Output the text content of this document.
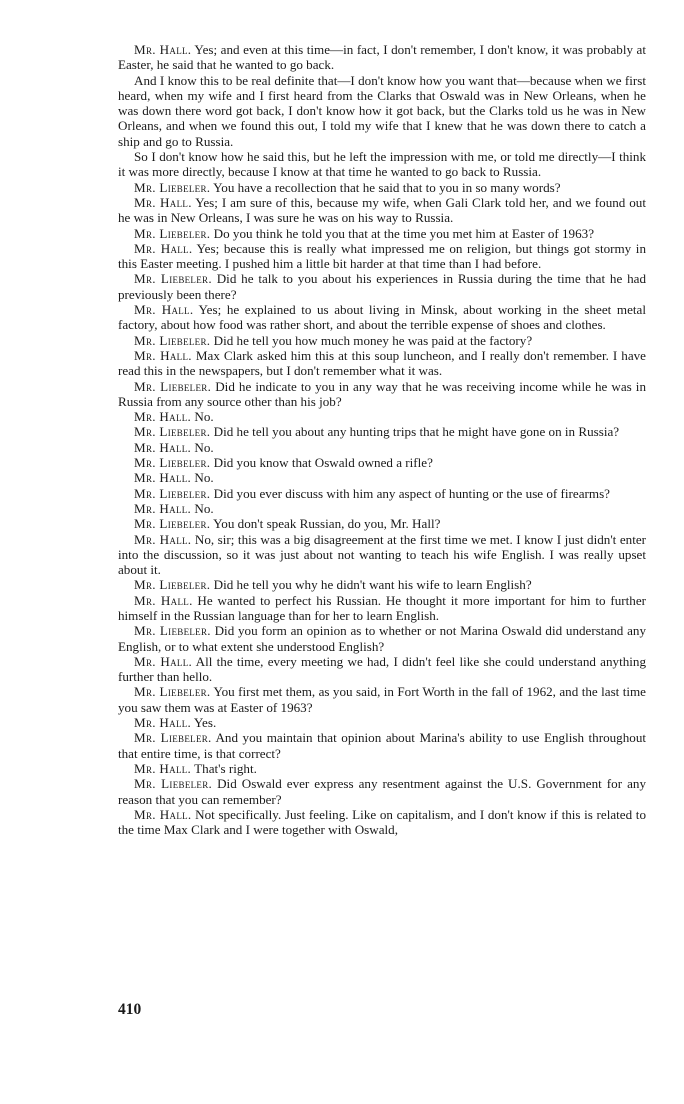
Mr. Hall. Yes; and even at this time—in fact, I don't remember, I don't know, it was probably at Easter, he said that he wanted to go back.

And I know this to be real definite that—I don't know how you want that—because when we first heard, when my wife and I first heard from the Clarks that Oswald was in New Orleans, when he was down there word got back, I don't know how it got back, but the Clarks told us he was in New Orleans, and when we found this out, I told my wife that I knew that he was down there to catch a ship and go to Russia.

So I don't know how he said this, but he left the impression with me, or told me directly—I think it was more directly, because I know at that time he wanted to go back to Russia.

Mr. Liebeler. You have a recollection that he said that to you in so many words?

Mr. Hall. Yes; I am sure of this, because my wife, when Gali Clark told her, and we found out he was in New Orleans, I was sure he was on his way to Russia.

Mr. Liebeler. Do you think he told you that at the time you met him at Easter of 1963?

Mr. Hall. Yes; because this is really what impressed me on religion, but things got stormy in this Easter meeting. I pushed him a little bit harder at that time than I had before.

Mr. Liebeler. Did he talk to you about his experiences in Russia during the time that he had previously been there?

Mr. Hall. Yes; he explained to us about living in Minsk, about working in the sheet metal factory, about how food was rather short, and about the terrible expense of shoes and clothes.

Mr. Liebeler. Did he tell you how much money he was paid at the factory?

Mr. Hall. Max Clark asked him this at this soup luncheon, and I really don't remember. I have read this in the newspapers, but I don't remember what it was.

Mr. Liebeler. Did he indicate to you in any way that he was receiving income while he was in Russia from any source other than his job?

Mr. Hall. No.

Mr. Liebeler. Did he tell you about any hunting trips that he might have gone on in Russia?

Mr. Hall. No.

Mr. Liebeler. Did you know that Oswald owned a rifle?

Mr. Hall. No.

Mr. Liebeler. Did you ever discuss with him any aspect of hunting or the use of firearms?

Mr. Hall. No.

Mr. Liebeler. You don't speak Russian, do you, Mr. Hall?

Mr. Hall. No, sir; this was a big disagreement at the first time we met. I know I just didn't enter into the discussion, so it was just about not wanting to teach his wife English. I was really upset about it.

Mr. Liebeler. Did he tell you why he didn't want his wife to learn English?

Mr. Hall. He wanted to perfect his Russian. He thought it more important for him to further himself in the Russian language than for her to learn English.

Mr. Liebeler. Did you form an opinion as to whether or not Marina Oswald did understand any English, or to what extent she understood English?

Mr. Hall. All the time, every meeting we had, I didn't feel like she could understand anything further than hello.

Mr. Liebeler. You first met them, as you said, in Fort Worth in the fall of 1962, and the last time you saw them was at Easter of 1963?

Mr. Hall. Yes.

Mr. Liebeler. And you maintain that opinion about Marina's ability to use English throughout that entire time, is that correct?

Mr. Hall. That's right.

Mr. Liebeler. Did Oswald ever express any resentment against the U.S. Government for any reason that you can remember?

Mr. Hall. Not specifically. Just feeling. Like on capitalism, and I don't know if this is related to the time Max Clark and I were together with Oswald,

410
